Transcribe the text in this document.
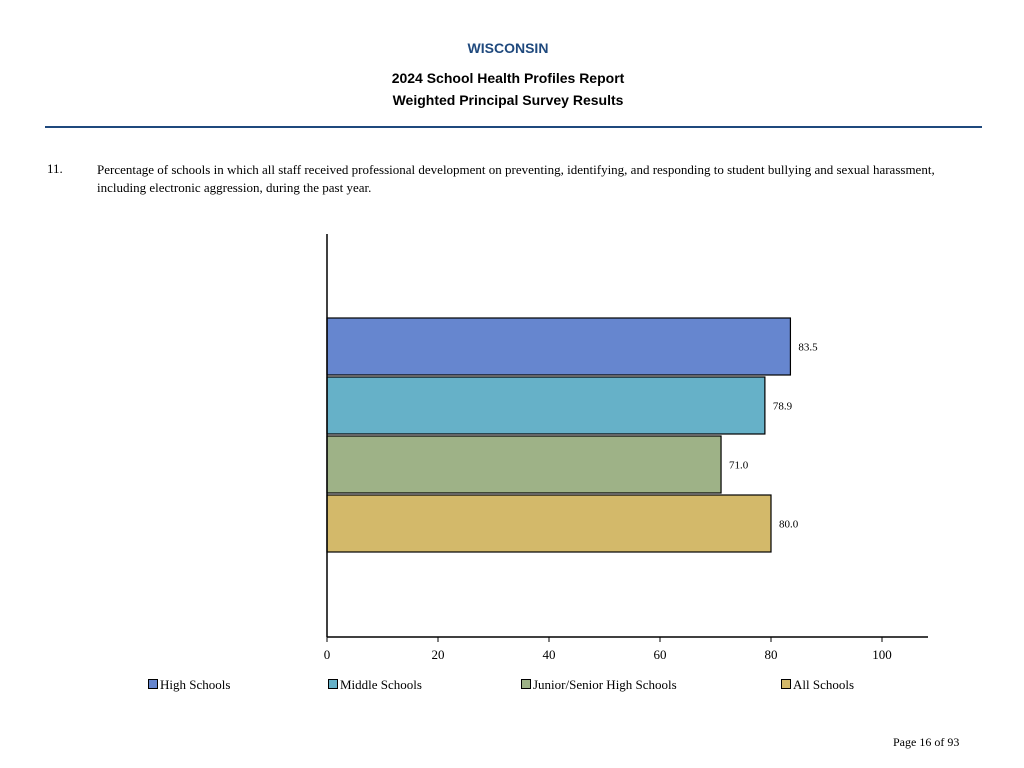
WISCONSIN
2024 School Health Profiles Report
Weighted Principal Survey Results
11.	Percentage of schools in which all staff received professional development on preventing, identifying, and responding to student bullying and sexual harassment, including electronic aggression, during the past year.
83.5
78.9
71.0
80.0
0	20	40	60	80	100
High Schools	Middle Schools	Junior/Senior High Schools	All Schools
Page 16 of 93
